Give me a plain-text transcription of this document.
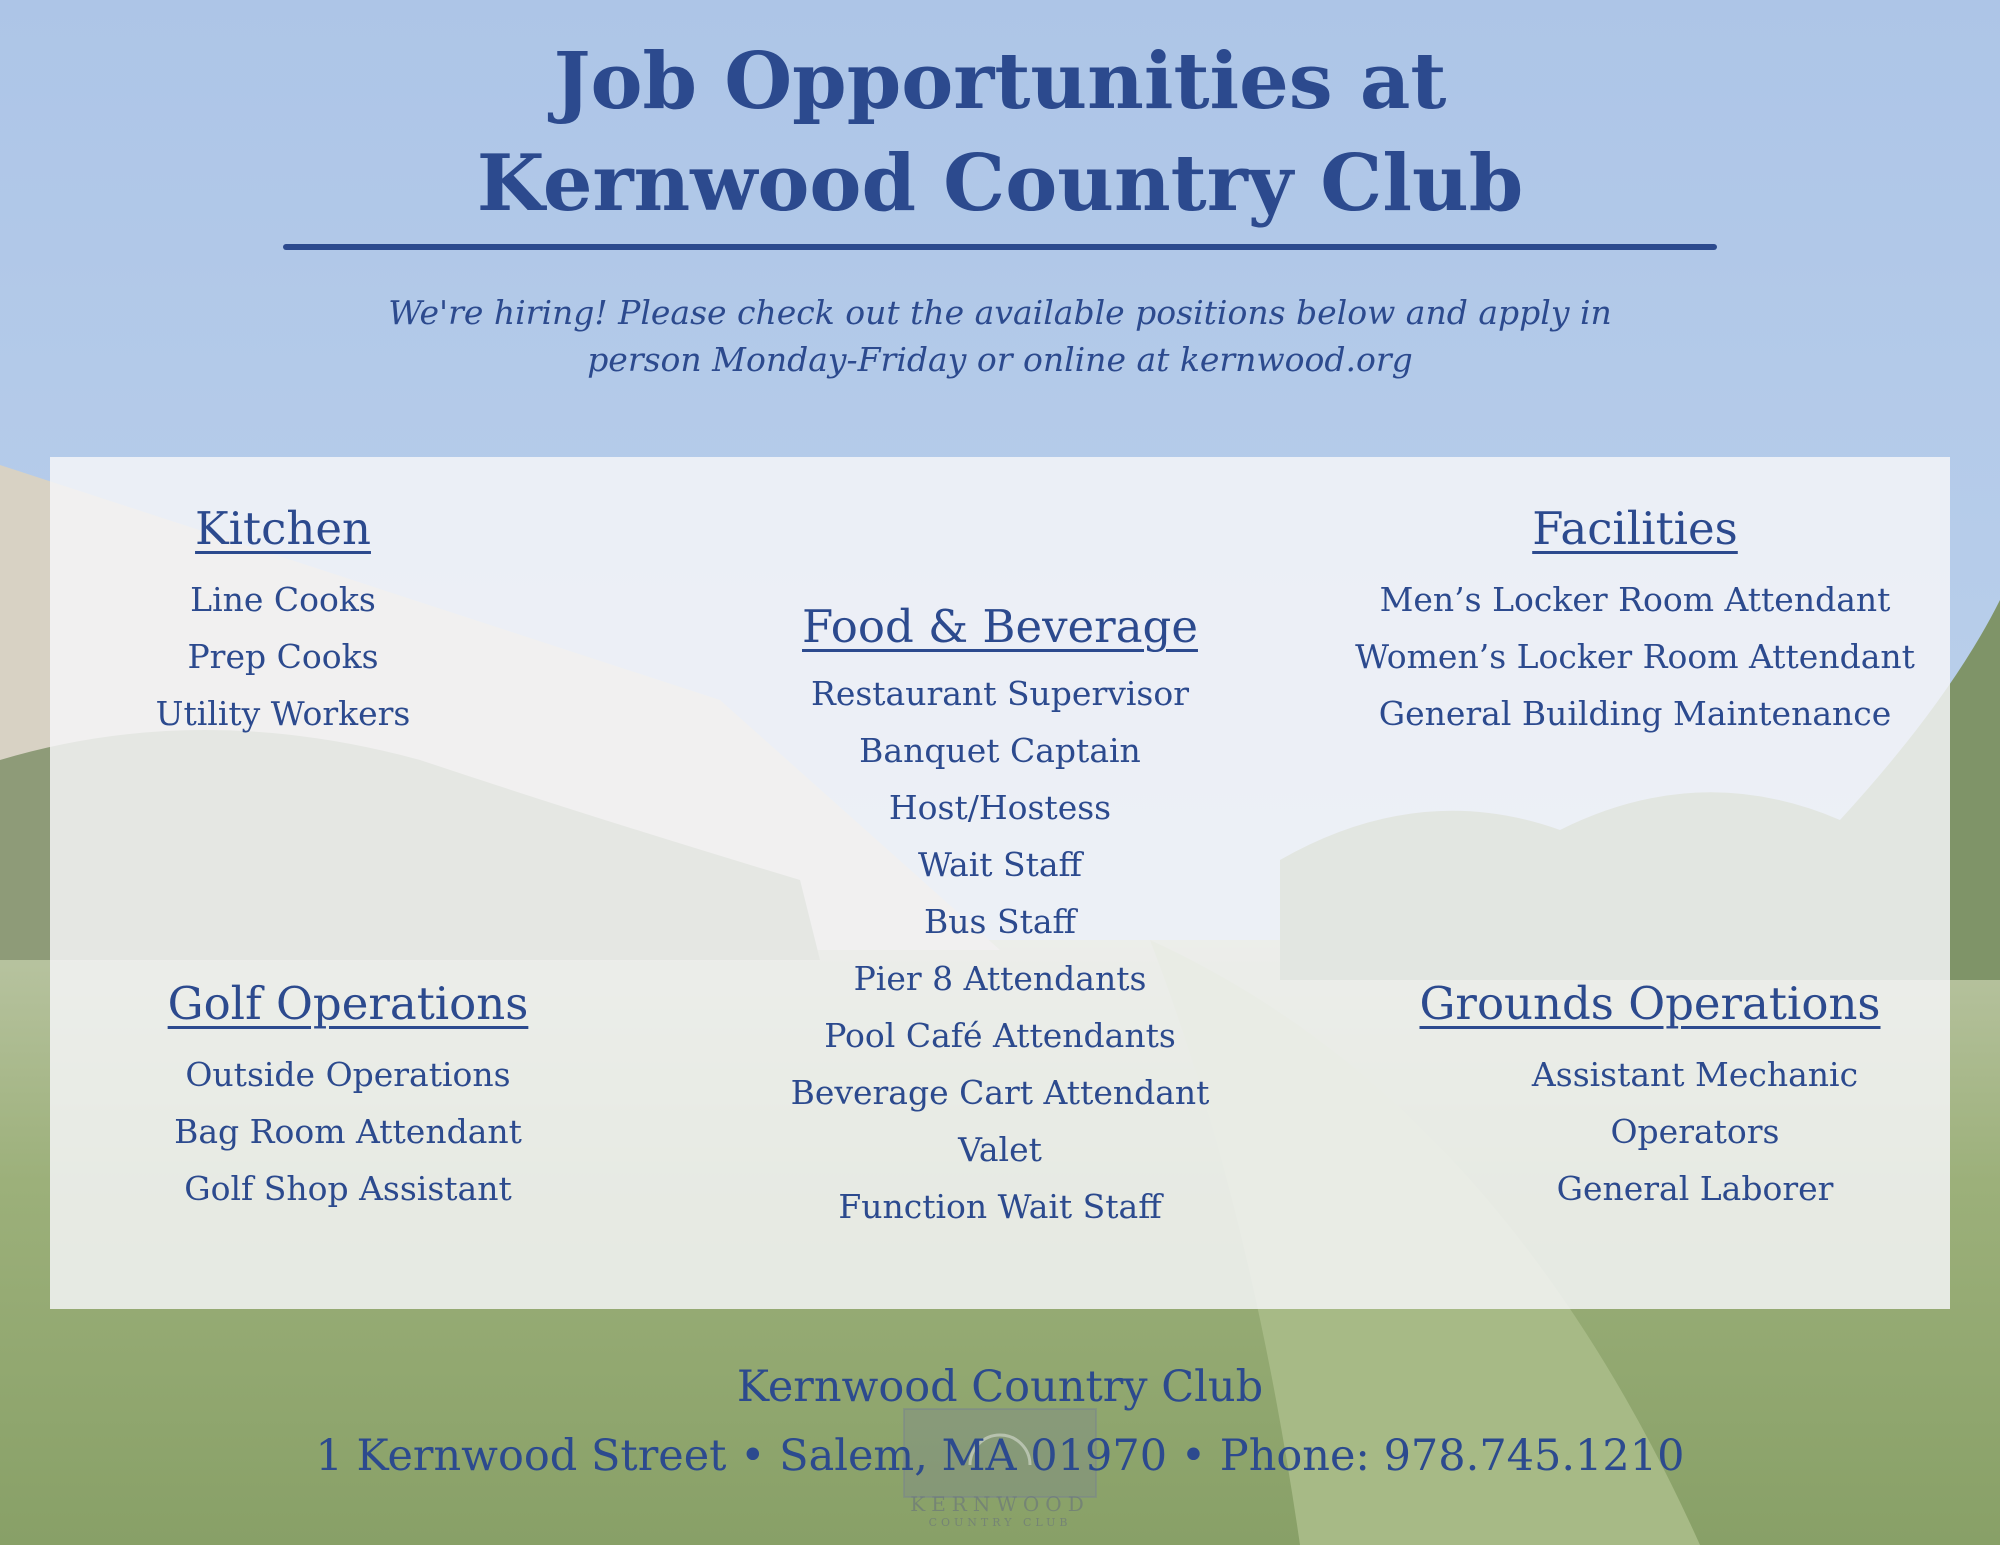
Job Opportunities at
Kernwood Country Club
We're hiring! Please check out the available positions below and apply in
person Monday-Friday or online at kernwood.org
Kitchen
Line Cooks
Prep Cooks
Utility Workers
Food & Beverage
Restaurant Supervisor
Banquet Captain
Host/Hostess
Wait Staff
Bus Staff
Pier 8 Attendants
Pool Café Attendants
Beverage Cart Attendant
Valet
Function Wait Staff
Facilities
Men’s Locker Room Attendant
Women’s Locker Room Attendant
General Building Maintenance
Golf Operations
Outside Operations
Bag Room Attendant
Golf Shop Assistant
Grounds Operations
Assistant Mechanic
Operators
General Laborer
KERNWOOD
COUNTRY CLUB
Kernwood Country Club
1 Kernwood Street • Salem, MA 01970 • Phone: 978.745.1210
